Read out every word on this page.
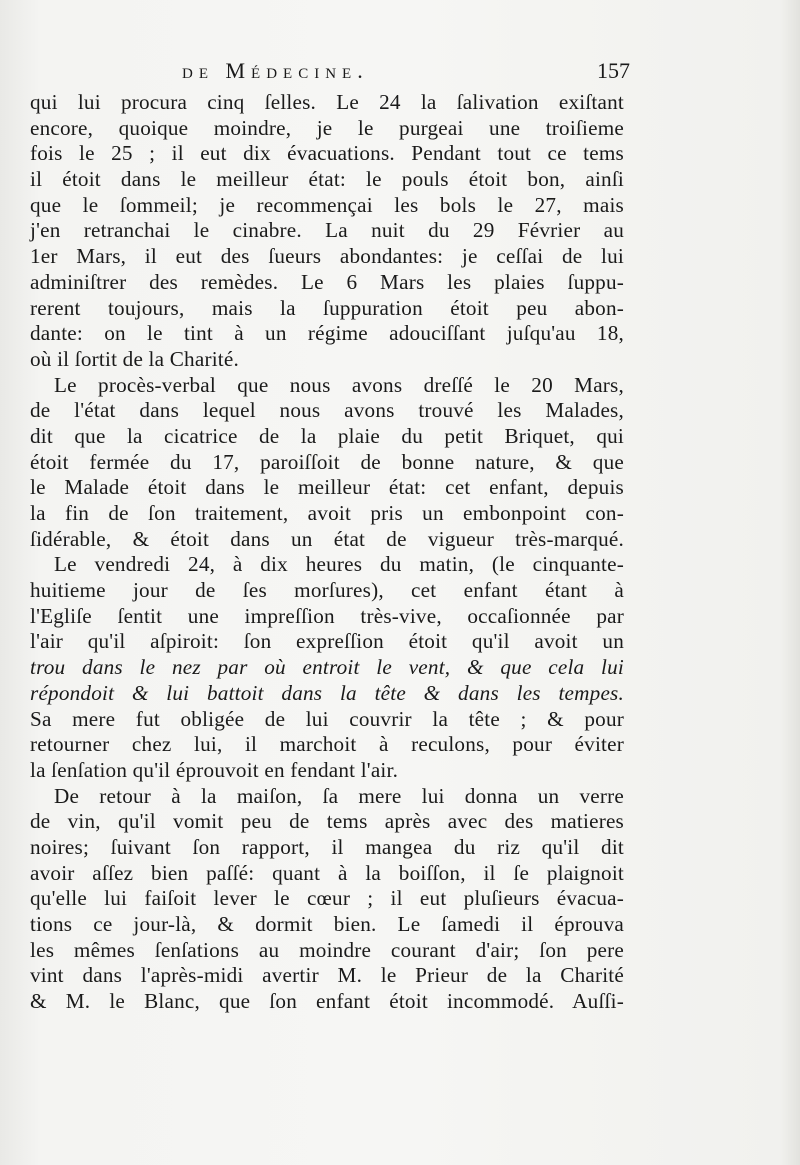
de Médecine.	157
qui lui procura cinq ſelles. Le 24 la ſalivation exiſtant
encore, quoique moindre, je le purgeai une troiſieme
fois le 25 ; il eut dix évacuations. Pendant tout ce tems
il étoit dans le meilleur état: le pouls étoit bon, ainſi
que le ſommeil; je recommençai les bols le 27, mais
j'en retranchai le cinabre. La nuit du 29 Février au
1er Mars, il eut des ſueurs abondantes: je ceſſai de lui
adminiſtrer des remèdes. Le 6 Mars les plaies ſuppu-
rerent toujours, mais la ſuppuration étoit peu abon-
dante: on le tint à un régime adouciſſant juſqu'au 18,
où il ſortit de la Charité.
Le procès-verbal que nous avons dreſſé le 20 Mars,
de l'état dans lequel nous avons trouvé les Malades,
dit que la cicatrice de la plaie du petit Briquet, qui
étoit fermée du 17, paroiſſoit de bonne nature, & que
le Malade étoit dans le meilleur état: cet enfant, depuis
la fin de ſon traitement, avoit pris un embonpoint con-
ſidérable, & étoit dans un état de vigueur très-marqué.
Le vendredi 24, à dix heures du matin, (le cinquante-
huitieme jour de ſes morſures), cet enfant étant à
l'Egliſe ſentit une impreſſion très-vive, occaſionnée par
l'air qu'il aſpiroit: ſon expreſſion étoit qu'il avoit un
trou dans le nez par où entroit le vent, & que cela lui
répondoit & lui battoit dans la tête & dans les tempes.
Sa mere fut obligée de lui couvrir la tête ; & pour
retourner chez lui, il marchoit à reculons, pour éviter
la ſenſation qu'il éprouvoit en fendant l'air.
De retour à la maiſon, ſa mere lui donna un verre
de vin, qu'il vomit peu de tems après avec des matieres
noires; ſuivant ſon rapport, il mangea du riz qu'il dit
avoir aſſez bien paſſé: quant à la boiſſon, il ſe plaignoit
qu'elle lui faiſoit lever le cœur ; il eut pluſieurs évacua-
tions ce jour-là, & dormit bien. Le ſamedi il éprouva
les mêmes ſenſations au moindre courant d'air; ſon pere
vint dans l'après-midi avertir M. le Prieur de la Charité
& M. le Blanc, que ſon enfant étoit incommodé. Auſſi-
